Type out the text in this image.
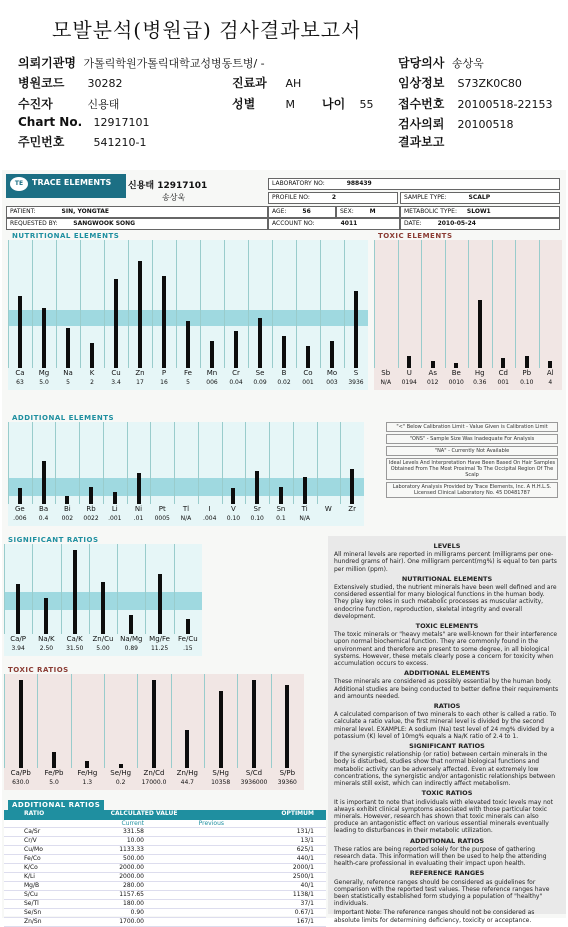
모발분석(병원급) 검사결과보고서
의뢰기관명 가톨릭학원가톨릭대학교성병동트병/ -	담당의사 송상욱
병원코드 30282	진료과 AH	임상정보 S73ZK0C80
수진자	신용태	성별	M 나이 55 접수번호 20100518-22153
Chart No. 12917101	검사의뢰 20100518
주민번호	541210-1	결과보고
TE	TRACE ELEMENTS	신용태 12917101
송상욱
LABORATORY NO:	988439
PROFILE NO:	2	SAMPLE TYPE:	SCALP
PATIENT:	SIN, YONGTAE	AGE:	56	SEX:	M	METABOLIC TYPE: SLOW1
REQUESTED BY:	SANGWOOK SONG	ACCOUNT NO:	4011	DATE:	2010-05-24
NUTRITIONAL ELEMENTS
Ca
63
Mg
5.0
Na
5
K
2
Cu
3.4
Zn
17
P
16
Fe
5
Mn
006
Cr
0.04
Se
0.09
B
0.02
Co
001
Mo
003
S
3936
TOXIC ELEMENTS
Sb
N/A
U
0194
As
012
Be
0010
Hg
0.36
Cd
001
Pb
0.10
Al
4
ADDITIONAL ELEMENTS
Ge
.006
Ba
0.4
Bi
002
Rb
0022
Li
.001
Ni
.01
Pt
0005
Tl
N/A
I
.004
V
0.10
Sr
0.10
Sn
0.1
Ti
N/A
W	Zr
"<" Below Calibration Limit - Value Given is Calibration Limit
"ONS" - Sample Size Was Inadequate For Analysis
"NA" - Currently Not Available
Ideal Levels And Interpretation Have Been Based On Hair Samples Obtained From The Most Proximal To The Occipital Region Of The Scalp
Laboratory Analysis Provided by Trace Elements, Inc. A H.H.L.S. Licensed Clinical Laboratory No. 45 D0481787
SIGNIFICANT RATIOS
Ca/P
3.94
Na/K
2.50
Ca/K
31.50
Zn/Cu
5.00
Na/Mg
0.89
Mg/Fe
11.25
Fe/Cu
.15
TOXIC RATIOS
Ca/Pb
630.0
Fe/Pb
5.0
Fe/Hg
1.3
Se/Hg
0.2
Zn/Cd
17000.0
Zn/Hg
44.7
S/Hg
10358
S/Cd
3936000
S/Pb
39360
ADDITIONAL RATIOS
RATIO	CALCULATED VALUE	OPTIMUM
Current	Previous
Ca/Sr	331.58	131/1
Cr/V	10.00	13/1
Cu/Mo	1133.33	625/1
Fe/Co	500.00	440/1
K/Co	2000.00	2000/1
K/Li	2000.00	2500/1
Mg/B	280.00	40/1
S/Cu	1157.65	1138/1
Se/Tl	180.00	37/1
Se/Sn	0.90	0.67/1
Zn/Sn	1700.00	167/1
LEVELS

All mineral levels are reported in milligrams percent (milligrams per one-hundred grams of hair). One milligram percent(mg%) is equal to ten parts per million (ppm).

NUTRITIONAL ELEMENTS

Extensively studied, the nutrient minerals have been well defined and are considered essential for many biological functions in the human body. They play key roles in such metabolic processes as muscular activity, endocrine function, reproduction, skeletal integrity and overall development.

TOXIC ELEMENTS

The toxic minerals or "heavy metals" are well-known for their interference upon normal biochemical function. They are commonly found in the environment and therefore are present to some degree, in all biological systems. However, these metals clearly pose a concern for toxicity when accumulation occurs to excess.

ADDITIONAL ELEMENTS

These minerals are considered as possibly essential by the human body. Additional studies are being conducted to better define their requirements and amounts needed.

RATIOS

A calculated comparison of two minerals to each other is called a ratio. To calculate a ratio value, the first mineral level is divided by the second mineral level. EXAMPLE: A sodium (Na) test level of 24 mg% divided by a potassium (K) level of 10mg% equals a Na/K ratio of 2.4 to 1.

SIGNIFICANT RATIOS

If the synergistic relationship (or ratio) between certain minerals in the body is disturbed, studies show that normal biological functions and metabolic activity can be adversely affected. Even at extremely low concentrations, the synergistic and/or antagonistic relationships between minerals still exist, which can indirectly affect metabolism.

TOXIC RATIOS

It is important to note that individuals with elevated toxic levels may not always exhibit clinical symptoms associated with those particular toxic minerals. However, research has shown that toxic minerals can also produce an antagonistic effect on various essential minerals eventually leading to disturbances in their metabolic utilization.

ADDITIONAL RATIOS

These ratios are being reported solely for the purpose of gathering research data. This information will then be used to help the attending health-care professional in evaluating their impact upon health.

REFERENCE RANGES

Generally, reference ranges should be considered as guidelines for comparison with the reported test values. These reference ranges have been statistically established form studying a population of "healthy" individuals.

Important Note: The reference ranges should not be considered as absolute limits for determining deficiency, toxicity or acceptance.
